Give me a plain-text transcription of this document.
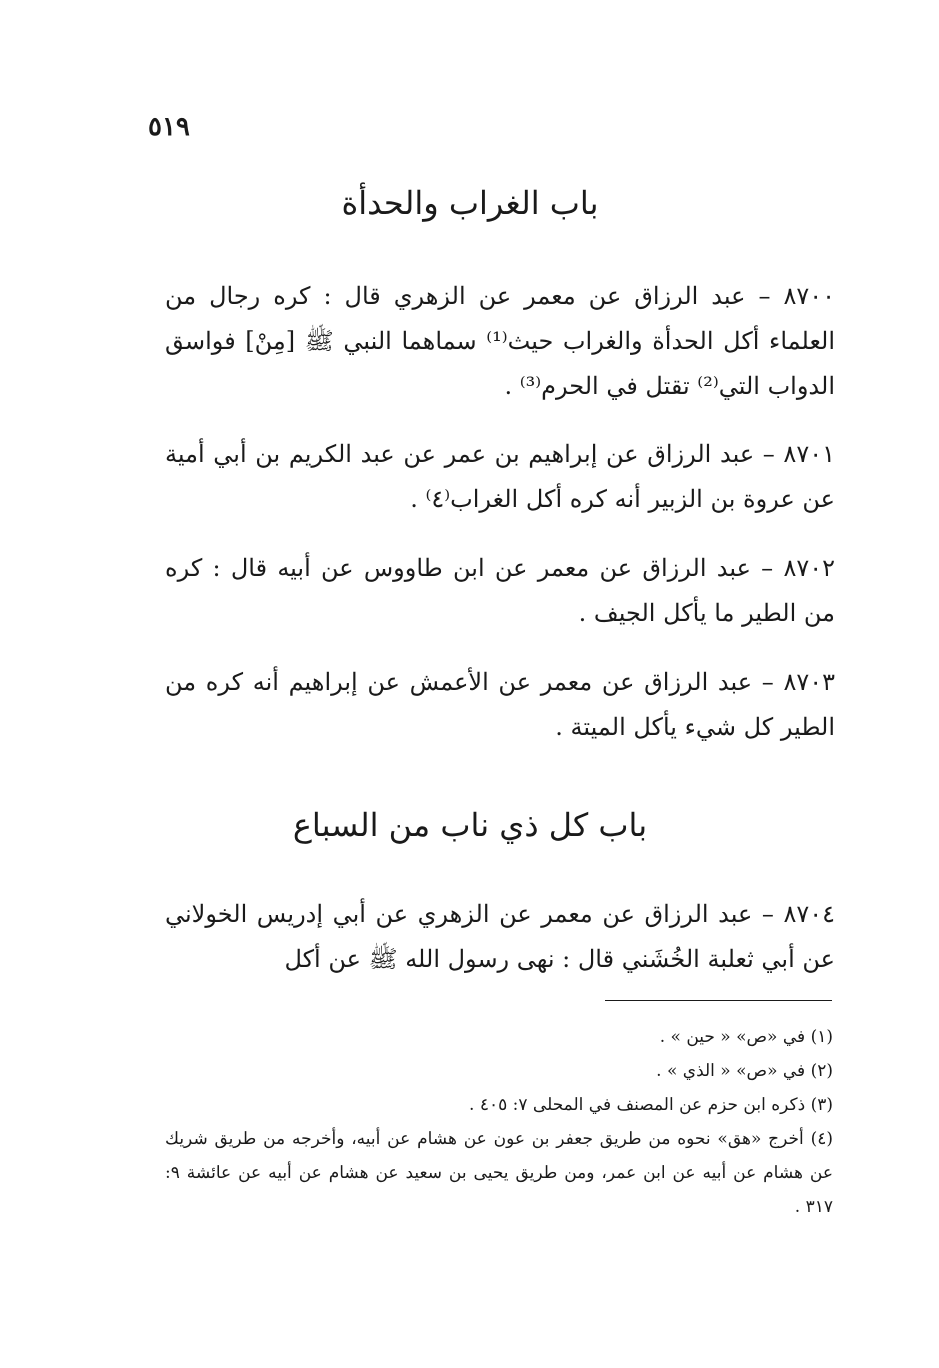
٥١٩
باب الغراب والحدأة
٨٧٠٠ – عبد الرزاق عن معمر عن الزهري قال : كره رجال من العلماء أكل الحدأة والغراب حيث⁽¹⁾ سماهما النبي ﷺ [مِنْ] فواسق الدواب التي⁽²⁾ تقتل في الحرم⁽³⁾ .
٨٧٠١ – عبد الرزاق عن إبراهيم بن عمر عن عبد الكريم بن أبي أمية عن عروة بن الزبير أنه كره أكل الغراب⁽٤⁾ .
٨٧٠٢ – عبد الرزاق عن معمر عن ابن طاووس عن أبيه قال : كره من الطير ما يأكل الجيف .
٨٧٠٣ – عبد الرزاق عن معمر عن الأعمش عن إبراهيم أنه كره من الطير كل شيء يأكل الميتة .
باب كل ذي ناب من السباع
٨٧٠٤ – عبد الرزاق عن معمر عن الزهري عن أبي إدريس الخولاني عن أبي ثعلبة الخُشَني قال : نهى رسول الله ﷺ عن أكل

(١) في «ص» « حين » .

(٢) في «ص» « الذي » .

(٣) ذكره ابن حزم عن المصنف في المحلى ٧: ٤٠٥ .

(٤) أخرج «هق» نحوه من طريق جعفر بن عون عن هشام عن أبيه، وأخرجه من طريق شريك عن هشام عن أبيه عن ابن عمر، ومن طريق يحيى بن سعيد عن هشام عن أبيه عن عائشة ٩: ٣١٧ .
